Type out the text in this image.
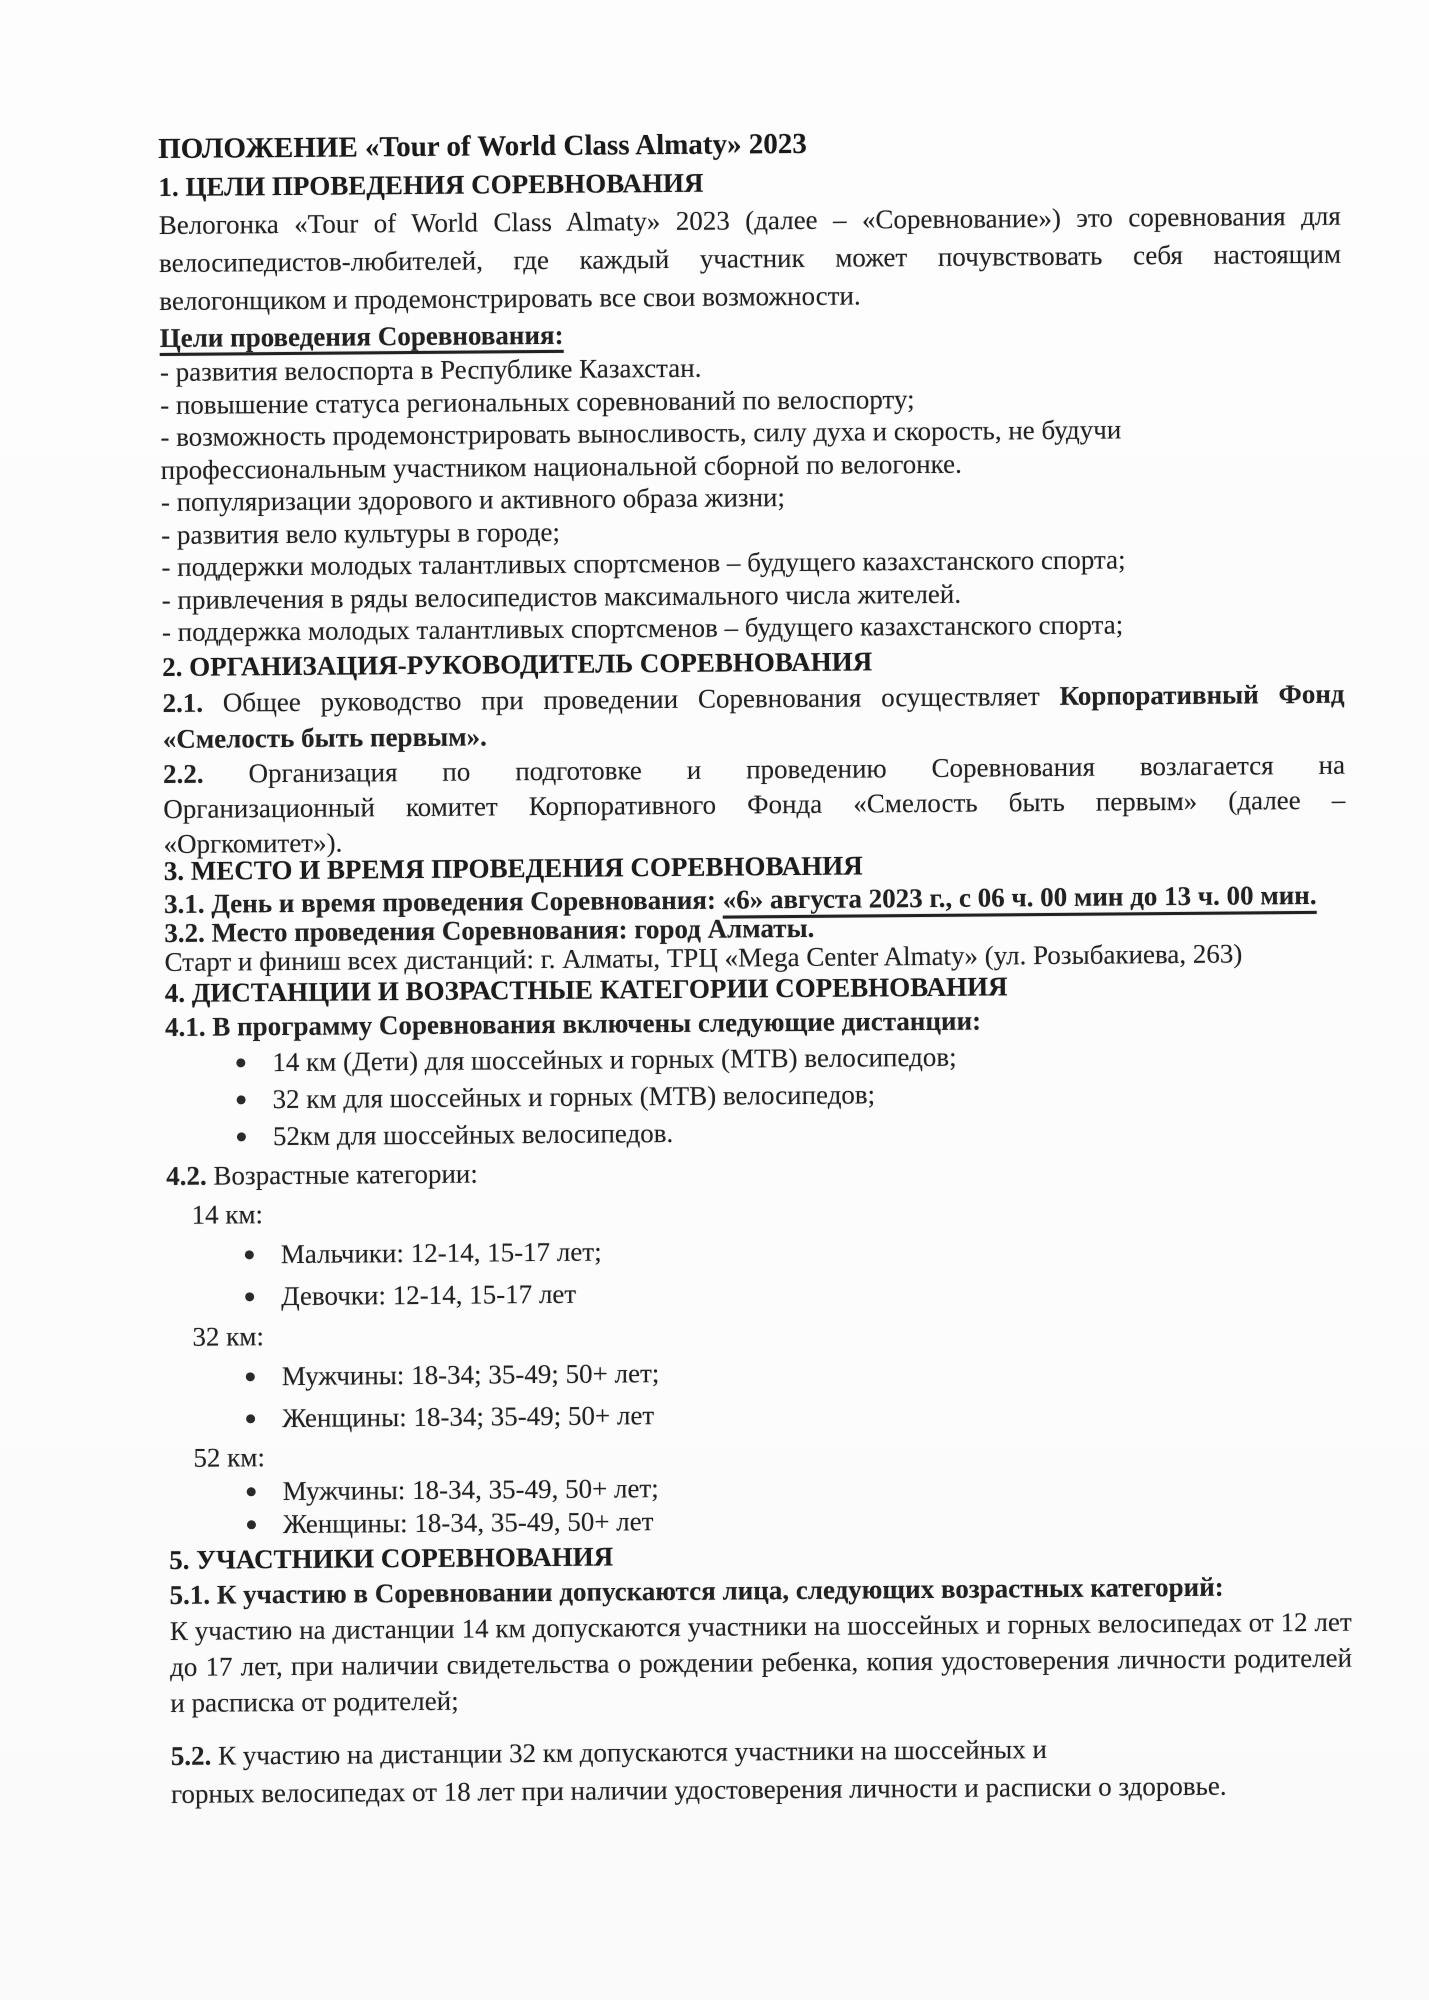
ПОЛОЖЕНИЕ «Tour of World Class Almaty» 2023
1. ЦЕЛИ ПРОВЕДЕНИЯ СОРЕВНОВАНИЯ

Велогонка «Tour of World Class Almaty» 2023 (далее – «Соревнование») это соревнования для велосипедистов-любителей, где каждый участник может почувствовать себя настоящим велогонщиком и продемонстрировать все свои возможности.

Цели проведения Соревнования:
- развития велоспорта в Республике Казахстан.
- повышение статуса региональных соревнований по велоспорту;
- возможность продемонстрировать выносливость, силу духа и скорость, не будучи профессиональным участником национальной сборной по велогонке.
- популяризации здорового и активного образа жизни;
- развития вело культуры в городе;
- поддержки молодых талантливых спортсменов – будущего казахстанского спорта;
- привлечения в ряды велосипедистов максимального числа жителей.
- поддержка молодых талантливых спортсменов – будущего казахстанского спорта;
2. ОРГАНИЗАЦИЯ-РУКОВОДИТЕЛЬ СОРЕВНОВАНИЯ

2.1. Общее руководство при проведении Соревнования осуществляет Корпоративный Фонд «Смелость быть первым».

2.2. Организация по подготовке и проведению Соревнования возлагается на
Организационный комитет Корпоративного Фонда «Смелость быть первым» (далее –
«Оргкомитет»).
3. МЕСТО И ВРЕМЯ ПРОВЕДЕНИЯ СОРЕВНОВАНИЯ

3.1. День и время проведения Соревнования: «6» августа 2023 г., с 06 ч. 00 мин до 13 ч. 00 мин.

3.2. Место проведения Соревнования: город Алматы.

Старт и финиш всех дистанций: г. Алматы, ТРЦ «Mega Center Almaty» (ул. Розыбакиева, 263)

4. ДИСТАНЦИИ И ВОЗРАСТНЫЕ КАТЕГОРИИ СОРЕВНОВАНИЯ

4.1. В программу Соревнования включены следующие дистанции:

14 км (Дети) для шоссейных и горных (MTB) велосипедов;
32 км для шоссейных и горных (MTB) велосипедов;
52км для шоссейных велосипедов.

4.2. Возрастные категории:

14 км:
Мальчики: 12-14, 15-17 лет;
Девочки: 12-14, 15-17 лет
32 км:
Мужчины: 18-34; 35-49; 50+ лет;
Женщины: 18-34; 35-49; 50+ лет
52 км:
Мужчины: 18-34, 35-49, 50+ лет;
Женщины: 18-34, 35-49, 50+ лет
5. УЧАСТНИКИ СОРЕВНОВАНИЯ

5.1. К участию в Соревновании допускаются лица, следующих возрастных категорий:

К участию на дистанции 14 км допускаются участники на шоссейных и горных велосипедах от 12 лет до 17 лет, при наличии свидетельства о рождении ребенка, копия удостоверения личности родителей и расписка от родителей;

5.2. К участию на дистанции 32 км допускаются участники на шоссейных и
горных велосипедах от 18 лет при наличии удостоверения личности и расписки о здоровье.
